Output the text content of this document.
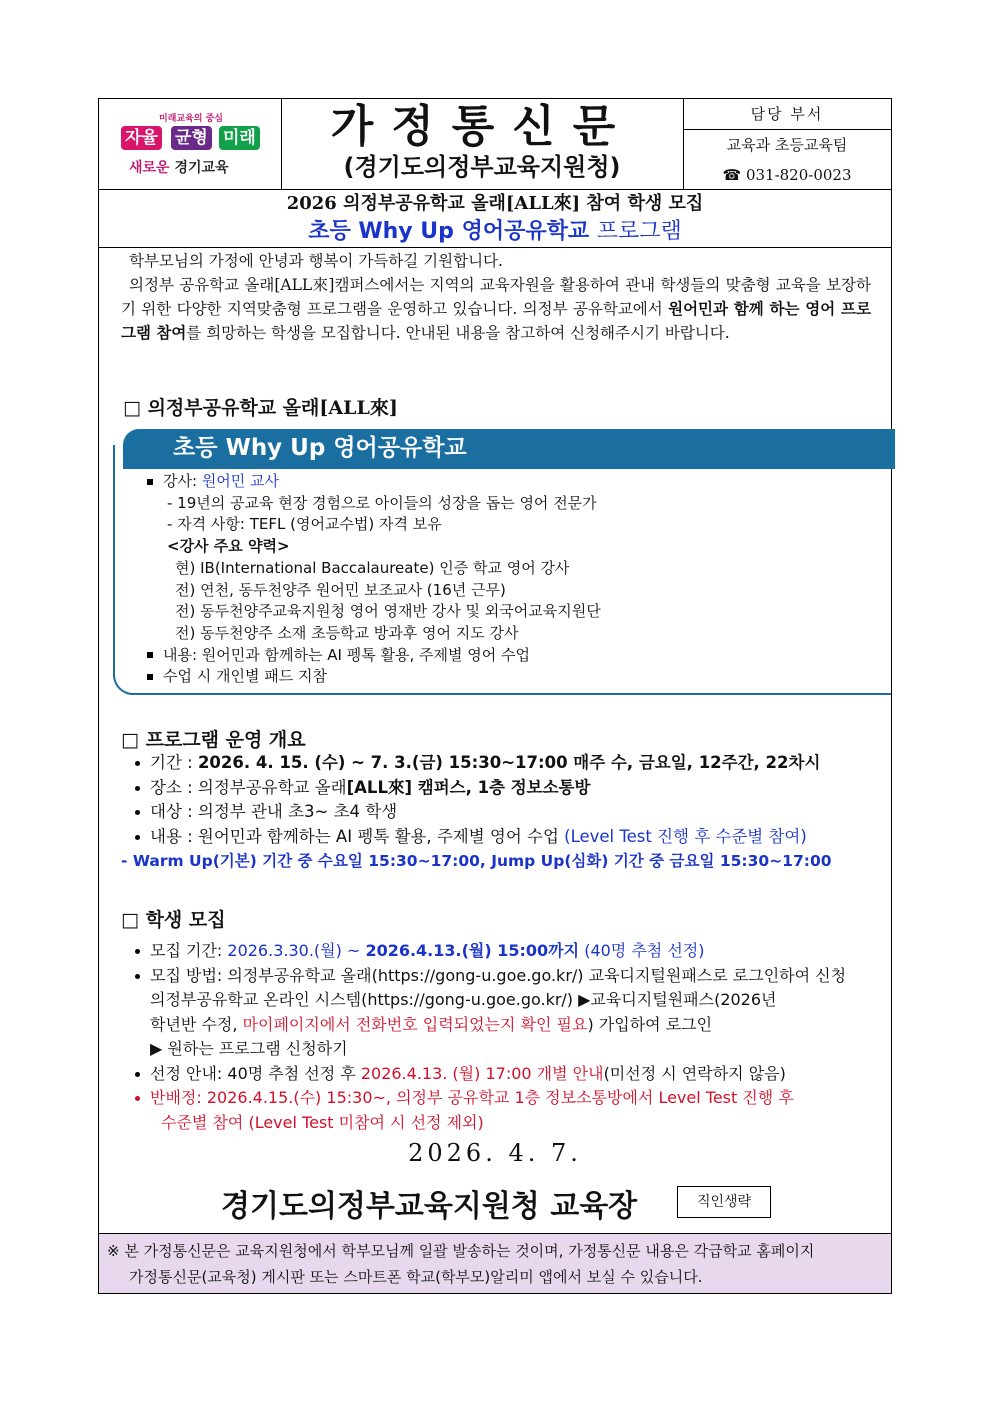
미래교육의 중심
자율 균형 미래
새로운 경기교육
가정통신문
(경기도의정부교육지원청)
담당 부서
교육과 초등교육팀
☎ 031-820-0023
2026 의정부공유학교 올래[ALL來] 참여 학생 모집
초등 Why Up 영어공유학교 프로그램

학부모님의 가정에 안녕과 행복이 가득하길 기원합니다.

의정부 공유학교 올래[ALL來]캠퍼스에서는 지역의 교육자원을 활용하여 관내 학생들의 맞춤형 교육을 보장하기 위한 다양한 지역맞춤형 프로그램을 운영하고 있습니다. 의정부 공유학교에서 원어민과 함께 하는 영어 프로그램 참여를 희망하는 학생을 모집합니다. 안내된 내용을 참고하여 신청해주시기 바랍니다.

□ 의정부공유학교 올래[ALL來]
초등 Why Up 영어공유학교
강사: 원어민 교사
- 19년의 공교육 현장 경험으로 아이들의 성장을 돕는 영어 전문가
- 자격 사항: TEFL (영어교수법) 자격 보유
<강사 주요 약력>
현) IB(International Baccalaureate) 인증 학교 영어 강사
전) 연천, 동두천양주 원어민 보조교사 (16년 근무)
전) 동두천양주교육지원청 영어 영재반 강사 및 외국어교육지원단
전) 동두천양주 소재 초등학교 방과후 영어 지도 강사
내용: 원어민과 함께하는 AI 펭톡 활용, 주제별 영어 수업
수업 시 개인별 패드 지참
□ 프로그램 운영 개요
기간 : 2026. 4. 15. (수) ~ 7. 3.(금) 15:30~17:00 매주 수, 금요일, 12주간, 22차시
장소 : 의정부공유학교 올래[ALL來] 캠퍼스, 1층 정보소통방
대상 : 의정부 관내 초3~ 초4 학생
내용 : 원어민과 함께하는 AI 펭톡 활용, 주제별 영어 수업 (Level Test 진행 후 수준별 참여)
- Warm Up(기본) 기간 중 수요일 15:30~17:00, Jump Up(심화) 기간 중 금요일 15:30~17:00
□ 학생 모집
모집 기간: 2026.3.30.(월) ~ 2026.4.13.(월) 15:00까지 (40명 추첨 선정)
모집 방법: 의정부공유학교 올래(https://gong-u.goe.go.kr/) 교육디지털원패스로 로그인하여 신청
의정부공유학교 온라인 시스템(https://gong-u.goe.go.kr/) ▶교육디지털원패스(2026년
학년반 수정, 마이페이지에서 전화번호 입력되었는지 확인 필요) 가입하여 로그인
▶ 원하는 프로그램 신청하기
선정 안내: 40명 추첨 선정 후 2026.4.13. (월) 17:00 개별 안내(미선정 시 연락하지 않음)
반배정: 2026.4.15.(수) 15:30~, 의정부 공유학교 1층 정보소통방에서 Level Test 진행 후
수준별 참여 (Level Test 미참여 시 선정 제외)
2026. 4. 7.
경기도의정부교육지원청 교육장	직인생략
※ 본 가정통신문은 교육지원청에서 학부모님께 일괄 발송하는 것이며, 가정통신문 내용은 각급학교 홈페이지
가정통신문(교육청) 게시판 또는 스마트폰 학교(학부모)알리미 앱에서 보실 수 있습니다.
